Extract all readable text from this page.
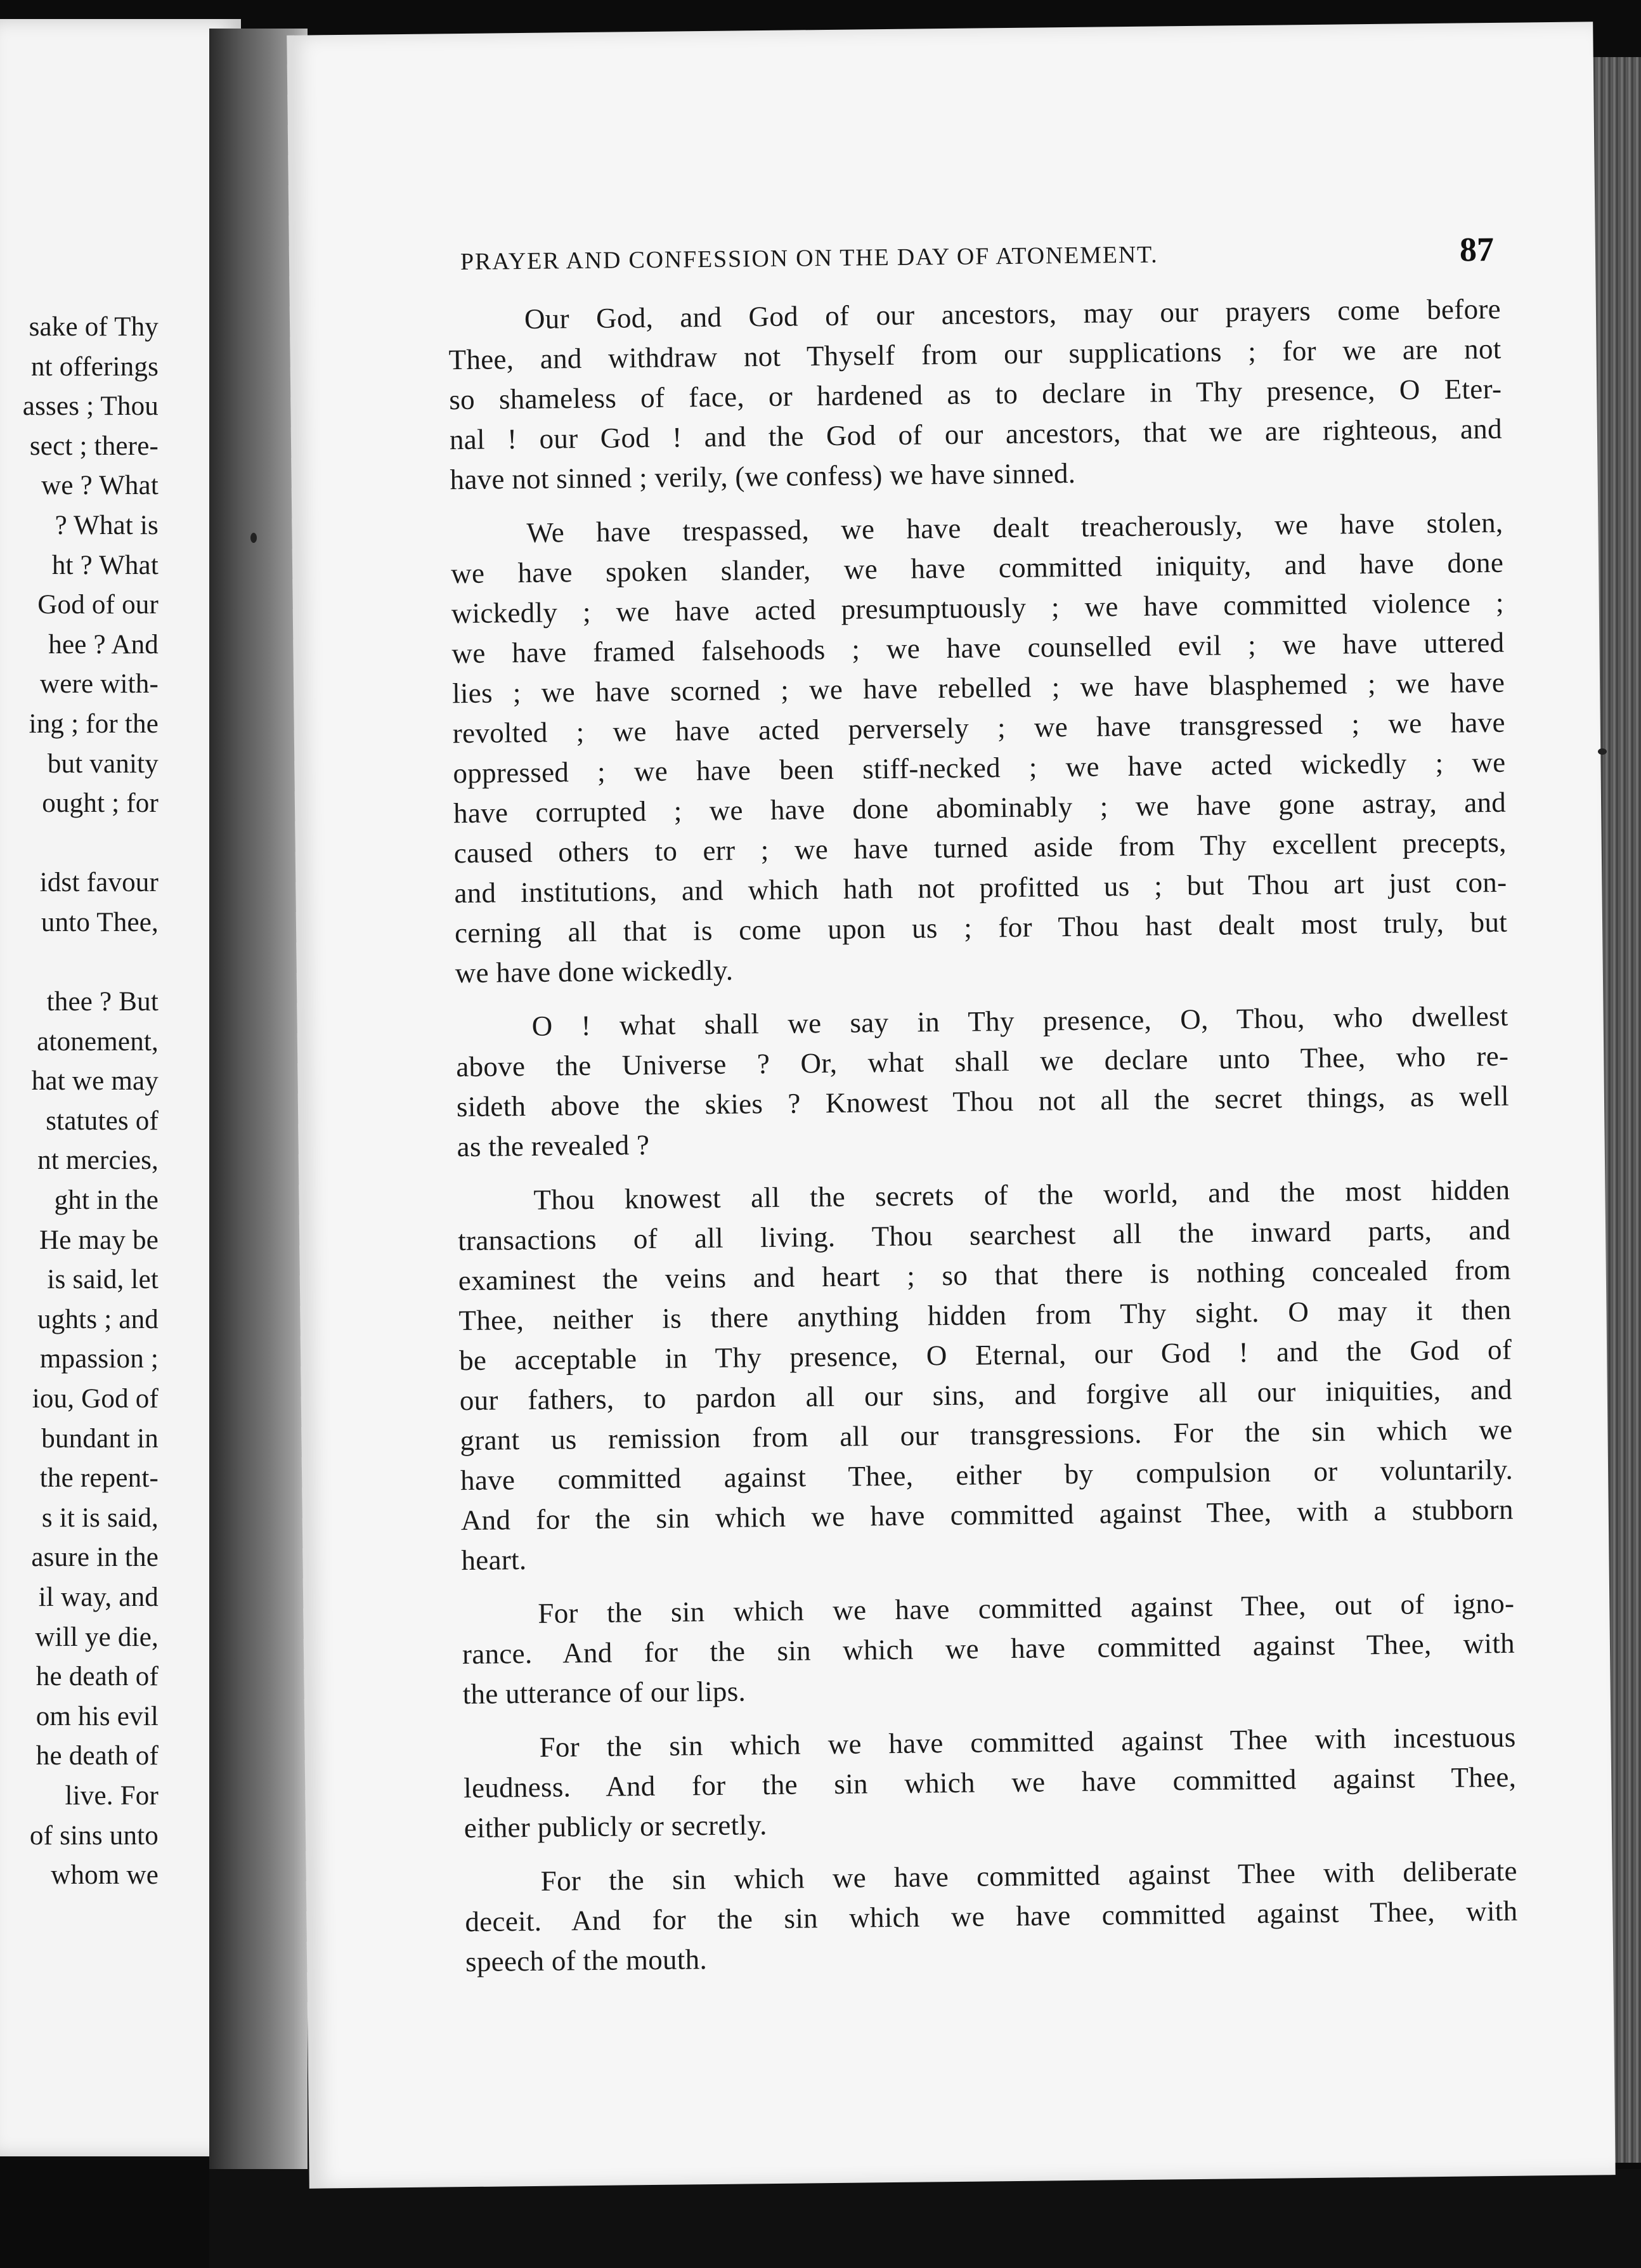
sake of Thy
nt offerings
asses ; Thou
sect ; there-
we ? What
? What is
ht ? What
God of our
hee ? And
were with-
ing ; for the
but vanity
ought ; for
idst favour
unto Thee,
thee ? But
atonement,
hat we may
statutes of
nt mercies,
ght in the
He may be
is said, let
ughts ; and
mpassion ;
iou, God of
bundant in
the repent-
s it is said,
asure in the
il way, and
will ye die,
he death of
om his evil
he death of
live. For
of sins unto
whom we
PRAYER AND CONFESSION ON THE DAY OF ATONEMENT.	87
Our God, and God of our ancestors, may our prayers come before
Thee, and withdraw not Thyself from our supplications ; for we are not
so shameless of face, or hardened as to declare in Thy presence, O Eter-
nal ! our God ! and the God of our ancestors, that we are righteous, and
have not sinned ; verily, (we confess) we have sinned.
We have trespassed, we have dealt treacherously, we have stolen,
we have spoken slander, we have committed iniquity, and have done
wickedly ; we have acted presumptuously ; we have committed violence ;
we have framed falsehoods ; we have counselled evil ; we have uttered
lies ; we have scorned ; we have rebelled ; we have blasphemed ; we have
revolted ; we have acted perversely ; we have transgressed ; we have
oppressed ; we have been stiff-necked ; we have acted wickedly ; we
have corrupted ; we have done abominably ; we have gone astray, and
caused others to err ; we have turned aside from Thy excellent precepts,
and institutions, and which hath not profitted us ; but Thou art just con-
cerning all that is come upon us ; for Thou hast dealt most truly, but
we have done wickedly.
O ! what shall we say in Thy presence, O, Thou, who dwellest
above the Universe ? Or, what shall we declare unto Thee, who re-
sideth above the skies ? Knowest Thou not all the secret things, as well
as the revealed ?
Thou knowest all the secrets of the world, and the most hidden
transactions of all living. Thou searchest all the inward parts, and
examinest the veins and heart ; so that there is nothing concealed from
Thee, neither is there anything hidden from Thy sight. O may it then
be acceptable in Thy presence, O Eternal, our God ! and the God of
our fathers, to pardon all our sins, and forgive all our iniquities, and
grant us remission from all our transgressions. For the sin which we
have committed against Thee, either by compulsion or voluntarily.
And for the sin which we have committed against Thee, with a stubborn
heart.
For the sin which we have committed against Thee, out of igno-
rance. And for the sin which we have committed against Thee, with
the utterance of our lips.
For the sin which we have committed against Thee with incestuous
leudness. And for the sin which we have committed against Thee,
either publicly or secretly.
For the sin which we have committed against Thee with deliberate
deceit. And for the sin which we have committed against Thee, with
speech of the mouth.
